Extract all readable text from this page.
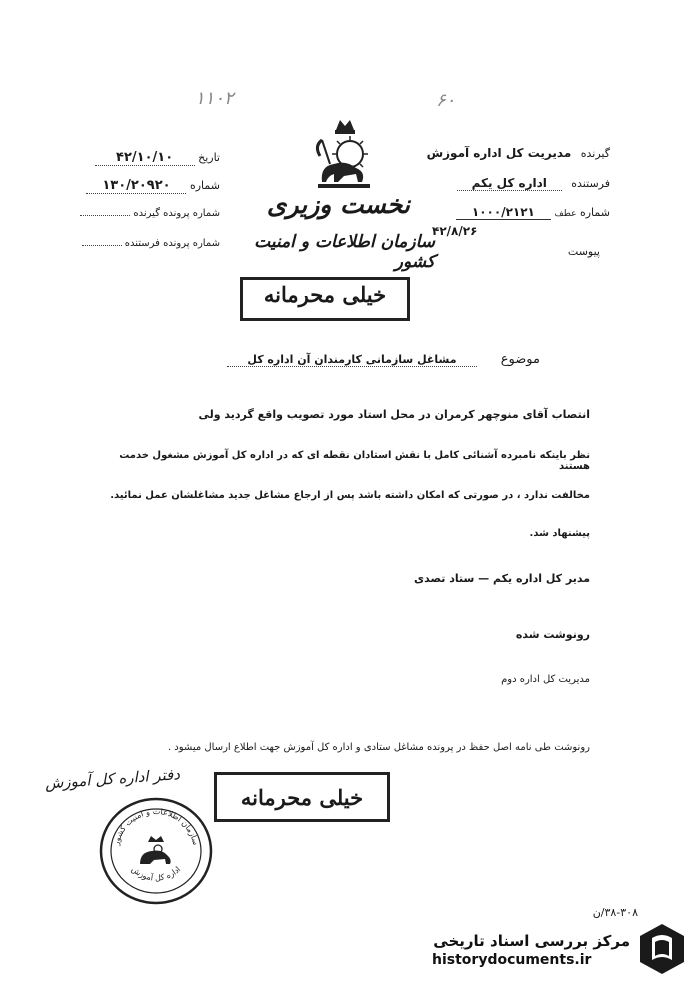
۱۱۰۲	۶۰
نخست وزیری
سازمان اطلاعات و امنیت کشور
خیلی محرمانه
تاریخ ۴۲/۱۰/۱۰
شماره ۱۳۰/۲۰۹۲۰
شماره پرونده گیرنده
شماره پرونده فرستنده
گیرنده مدیریت کل اداره آموزش
فرستنده اداره کل یکم
شماره عطف ۱۰۰۰/۲۱۲۱
۴۲/۸/۲۶
پیوست
موضوع مشاغل سازمانی کارمندان آن اداره کل
انتصاب آقای منوچهر کرمران در محل استاد مورد تصویب واقع گردید ولی
نظر باینکه نامبرده آشنائی کامل با نقش استادان نقطه ای که در اداره کل آموزش مشغول خدمت هستند
مخالفت ندارد ، در صورتی که امکان داشته باشد پس از ارجاع مشاغل جدید مشاغلشان عمل نمائید.
پیشنهاد شد.
مدیر کل اداره یکم — ستاد تصدی
رونوشت شده
مدیریت کل اداره دوم
رونوشت طی نامه اصل حفظ در پرونده مشاغل ستادی و اداره کل آموزش جهت اطلاع ارسال میشود .
دفتر اداره کل آموزش
خیلی محرمانه
سازمان اطلاعات و امنیت کشور
اداره کل آموزش
۳۸-۳۰۸/ن
مرکز بررسی اسناد تاریخی
historydocuments.ir
